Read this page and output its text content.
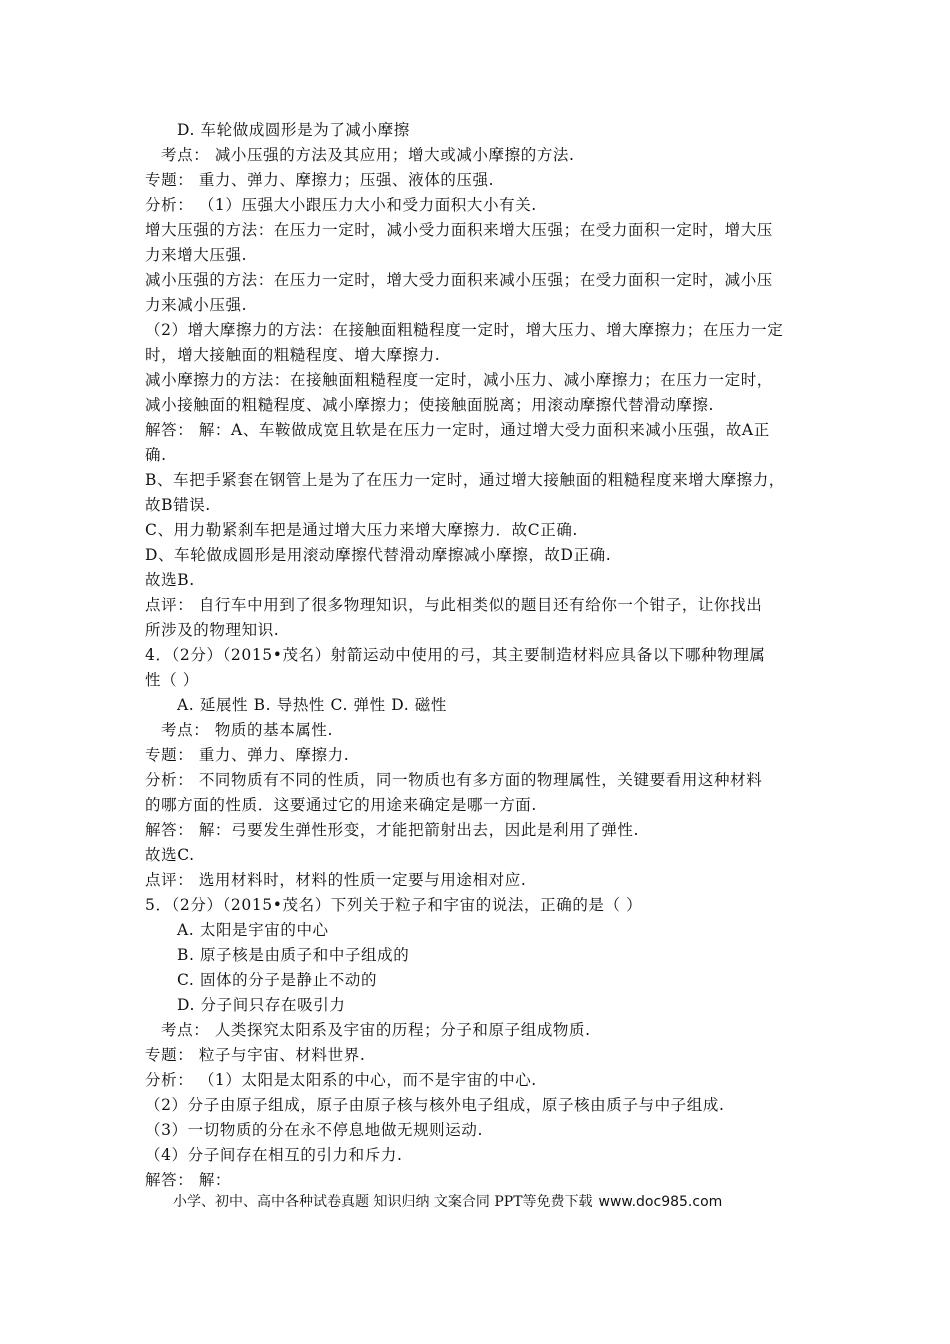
D. 车轮做成圆形是为了减小摩擦
考点： 减小压强的方法及其应用；增大或减小摩擦的方法.
专题： 重力、弹力、摩擦力；压强、液体的压强.
分析： （1）压强大小跟压力大小和受力面积大小有关.
增大压强的方法：在压力一定时，减小受力面积来增大压强；在受力面积一定时，增大压
力来增大压强.
减小压强的方法：在压力一定时，增大受力面积来减小压强；在受力面积一定时，减小压
力来减小压强.
（2）增大摩擦力的方法：在接触面粗糙程度一定时，增大压力、增大摩擦力；在压力一定
时，增大接触面的粗糙程度、增大摩擦力.
减小摩擦力的方法：在接触面粗糙程度一定时，减小压力、减小摩擦力；在压力一定时，
减小接触面的粗糙程度、减小摩擦力；使接触面脱离；用滚动摩擦代替滑动摩擦.
解答： 解：A、车鞍做成宽且软是在压力一定时，通过增大受力面积来减小压强，故A正
确.
B、车把手紧套在钢管上是为了在压力一定时，通过增大接触面的粗糙程度来增大摩擦力，
故B错误.
C、用力勒紧刹车把是通过增大压力来增大摩擦力．故C正确.
D、车轮做成圆形是用滚动摩擦代替滑动摩擦减小摩擦，故D正确.
故选B.
点评： 自行车中用到了很多物理知识，与此相类似的题目还有给你一个钳子，让你找出
所涉及的物理知识.
4．（2分）（2015•茂名）射箭运动中使用的弓，其主要制造材料应具备以下哪种物理属
性（ ）
A. 延展性 B. 导热性 C. 弹性 D. 磁性
考点： 物质的基本属性.
专题： 重力、弹力、摩擦力.
分析： 不同物质有不同的性质，同一物质也有多方面的物理属性，关键要看用这种材料
的哪方面的性质．这要通过它的用途来确定是哪一方面.
解答： 解：弓要发生弹性形变，才能把箭射出去，因此是利用了弹性.
故选C.
点评： 选用材料时，材料的性质一定要与用途相对应.
5．（2分）（2015•茂名）下列关于粒子和宇宙的说法，正确的是（ ）
A. 太阳是宇宙的中心
B. 原子核是由质子和中子组成的
C. 固体的分子是静止不动的
D. 分子间只存在吸引力
考点： 人类探究太阳系及宇宙的历程；分子和原子组成物质.
专题： 粒子与宇宙、材料世界.
分析： （1）太阳是太阳系的中心，而不是宇宙的中心.
（2）分子由原子组成，原子由原子核与核外电子组成，原子核由质子与中子组成.
（3）一切物质的分在永不停息地做无规则运动.
（4）分子间存在相互的引力和斥力.
解答： 解：
小学、初中、高中各种试卷真题 知识归纳 文案合同 PPT等免费下载 www.doc985.com
